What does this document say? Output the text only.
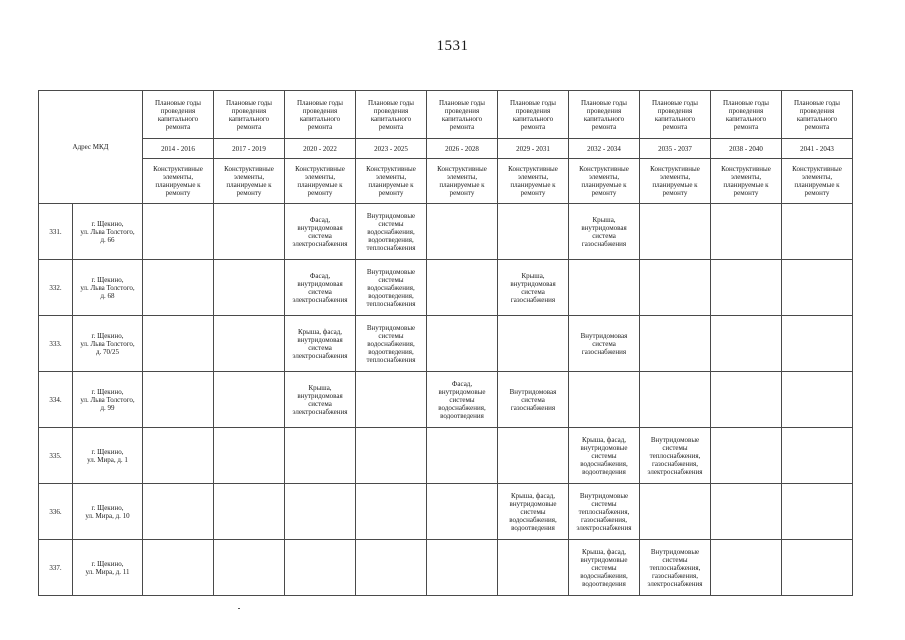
1531
Адрес МКД		Плановые годы проведения капитального ремонта	Плановые годы проведения капитального ремонта	Плановые годы проведения капитального ремонта	Плановые годы проведения капитального ремонта	Плановые годы проведения капитального ремонта	Плановые годы проведения капитального ремонта	Плановые годы проведения капитального ремонта	Плановые годы проведения капитального ремонта	Плановые годы проведения капитального ремонта	Плановые годы проведения капитального ремонта
		2014 - 2016	2017 - 2019	2020 - 2022	2023 - 2025	2026 - 2028	2029 - 2031	2032 - 2034	2035 - 2037	2038 - 2040	2041 - 2043
		Конструктивные элементы, планируемые к ремонту	Конструктивные элементы, планируемые к ремонту	Конструктивные элементы, планируемые к ремонту	Конструктивные элементы, планируемые к ремонту	Конструктивные элементы, планируемые к ремонту	Конструктивные элементы, планируемые к ремонту	Конструктивные элементы, планируемые к ремонту	Конструктивные элементы, планируемые к ремонту	Конструктивные элементы, планируемые к ремонту	Конструктивные элементы, планируемые к ремонту
331.	г. Щекино,
ул. Льва Толстого,
д. 66			Фасад, внутридомовая система электроснабжения	Внутридомовые системы водоснабжения, водоотведения, теплоснабжения			Крыша, внутридомовая система газоснабжения			
332.	г. Щекино,
ул. Льва Толстого,
д. 68			Фасад, внутридомовая система электроснабжения	Внутридомовые системы водоснабжения, водоотведения, теплоснабжения		Крыша, внутридомовая система газоснабжения				
333.	г. Щекино,
ул. Льва Толстого,
д. 70/25			Крыша, фасад, внутридомовая система электроснабжения	Внутридомовые системы водоснабжения, водоотведения, теплоснабжения			Внутридомовая система газоснабжения			
334.	г. Щекино,
ул. Льва Толстого,
д. 99			Крыша, внутридомовая система электроснабжения		Фасад, внутридомовые системы водоснабжения, водоотведения	Внутридомовая система газоснабжения				
335.	г. Щекино,
ул. Мира, д. 1							Крыша, фасад, внутридомовые системы водоснабжения, водоотведения	Внутридомовые системы теплоснабжения, газоснабжения, электроснабжения		
336.	г. Щекино,
ул. Мира, д. 10						Крыша, фасад, внутридомовые системы водоснабжения, водоотведения	Внутридомовые системы теплоснабжения, газоснабжения, электроснабжения			
337.	г. Щекино,
ул. Мира, д. 11							Крыша, фасад, внутридомовые системы водоснабжения, водоотведения	Внутридомовые системы теплоснабжения, газоснабжения, электроснабжения		
